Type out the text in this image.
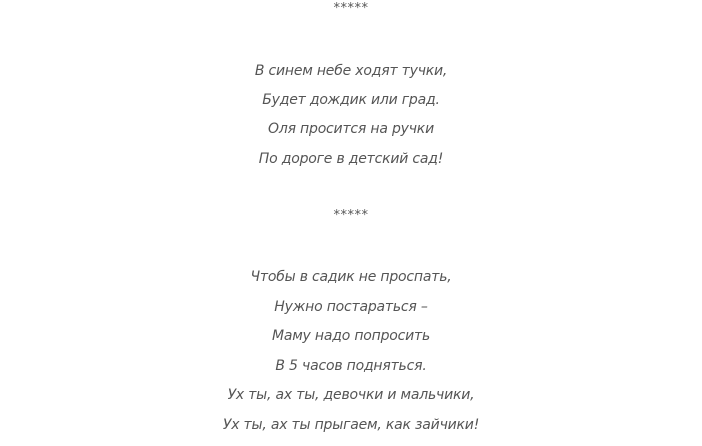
*****
В синем небе ходят тучки,
Будет дождик или град.
Оля просится на ручки
По дороге в детский сад!
*****
Чтобы в садик не проспать,
Нужно постараться –
Маму надо попросить
В 5 часов подняться.
Ух ты, ах ты, девочки и мальчики,
Ух ты, ах ты прыгаем, как зайчики!
